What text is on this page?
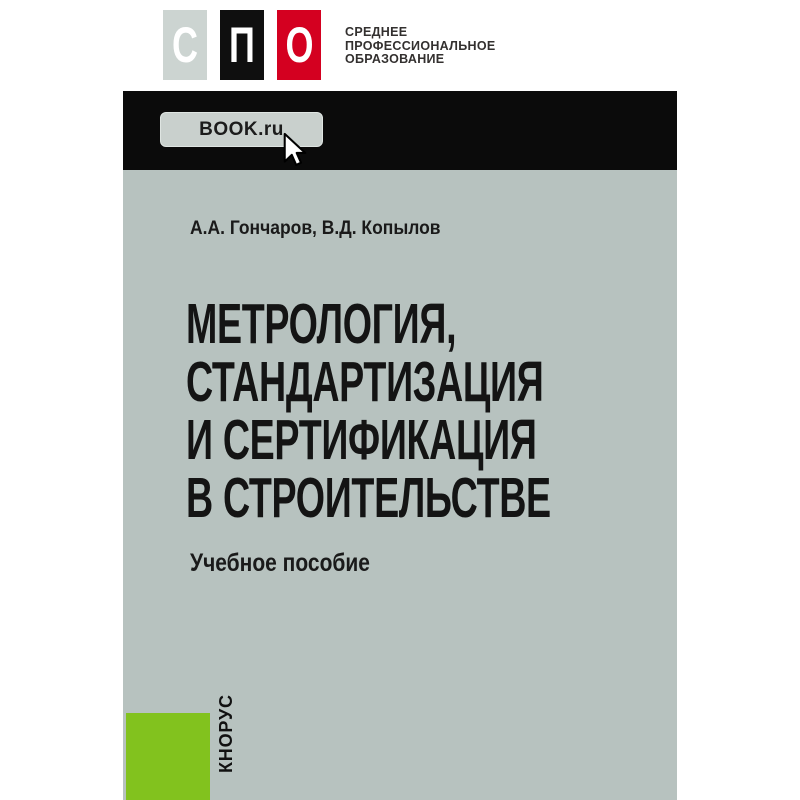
С П О	СРЕДНЕЕ
ПРОФЕССИОНАЛЬНОЕ
ОБРАЗОВАНИЕ
BOOK.ru
А.А. Гончаров, В.Д. Копылов
МЕТРОЛОГИЯ,
СТАНДАРТИЗАЦИЯ
И СЕРТИФИКАЦИЯ
В СТРОИТЕЛЬСТВЕ
Учебное пособие
КНОРУС
